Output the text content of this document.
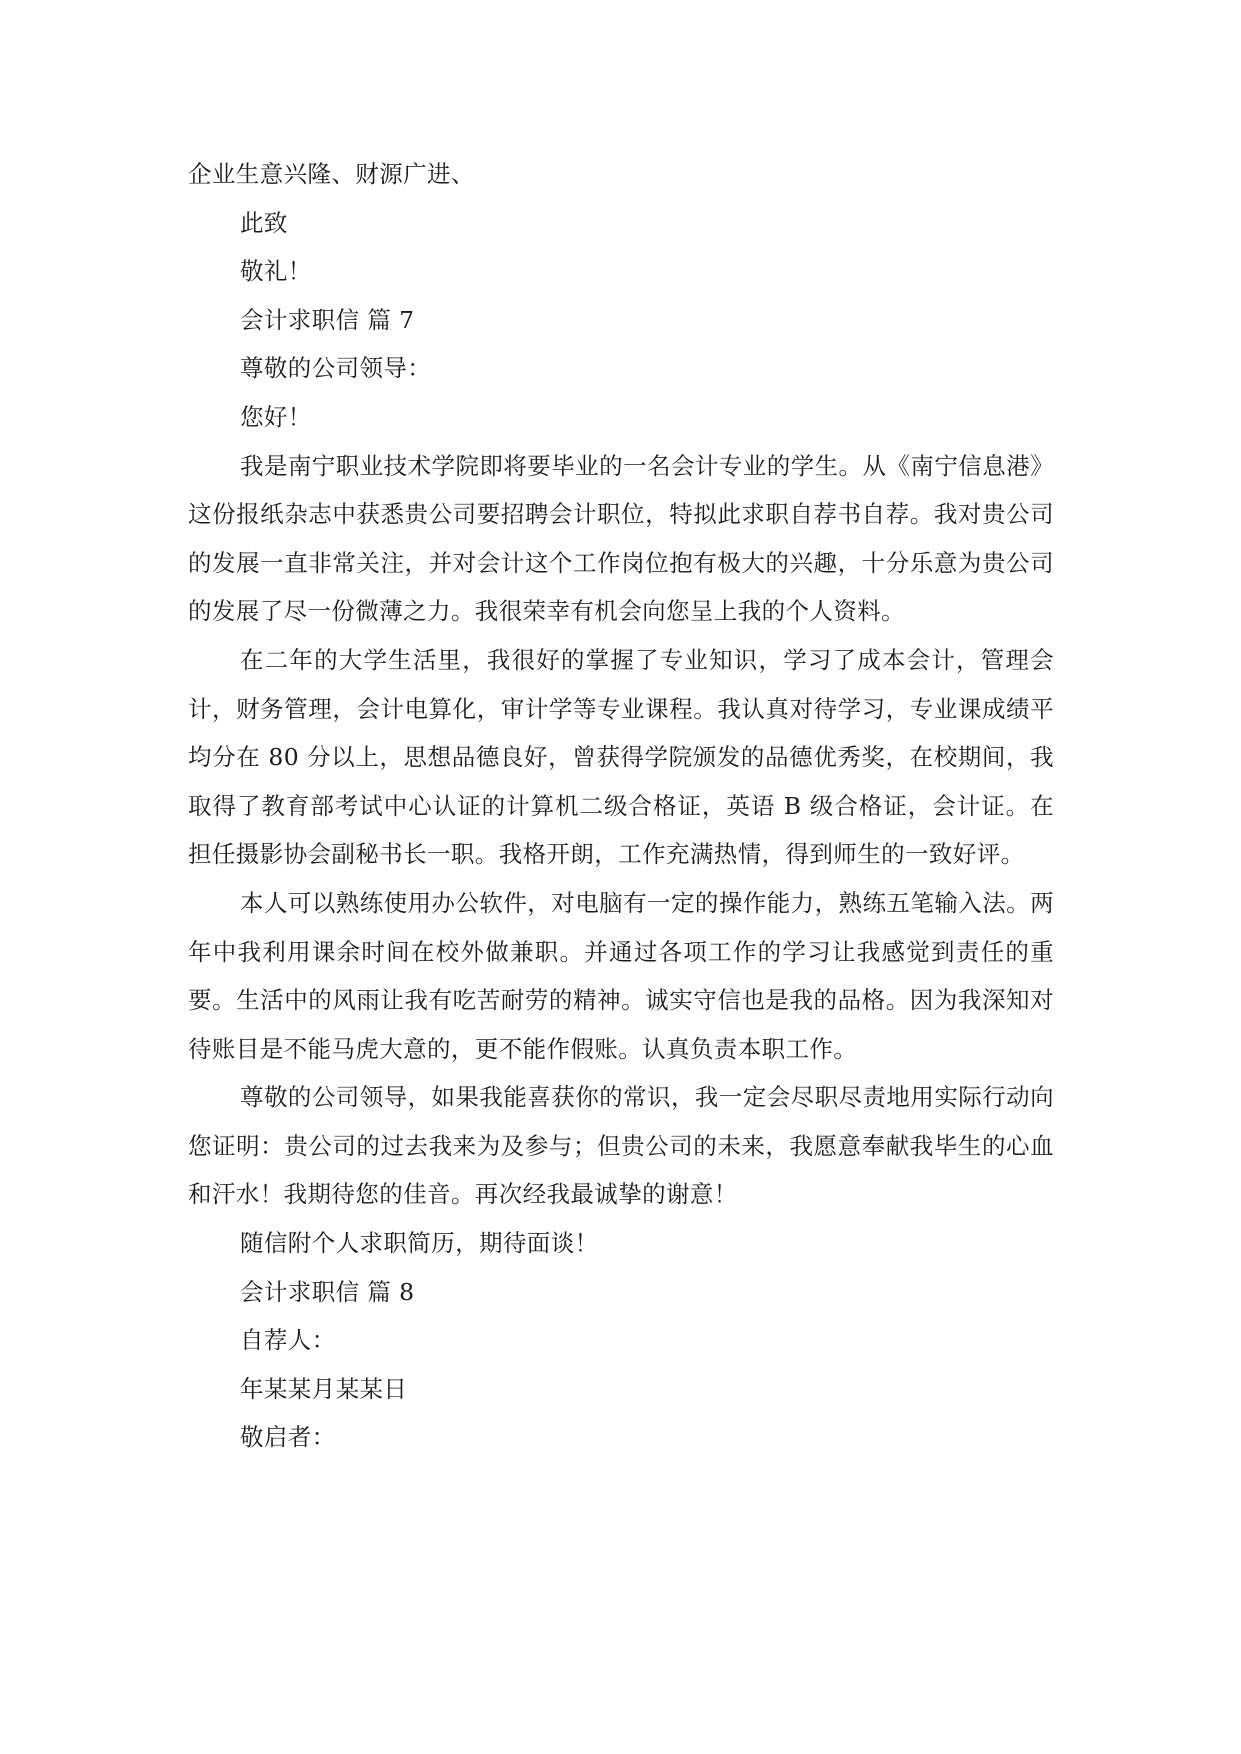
企业生意兴隆、财源广进、

此致

敬礼！

会计求职信 篇 7

尊敬的公司领导：

您好！

我是南宁职业技术学院即将要毕业的一名会计专业的学生。从《南宁信息港》这份报纸杂志中获悉贵公司要招聘会计职位，特拟此求职自荐书自荐。我对贵公司的发展一直非常关注，并对会计这个工作岗位抱有极大的兴趣，十分乐意为贵公司的发展了尽一份微薄之力。我很荣幸有机会向您呈上我的个人资料。

在二年的大学生活里，我很好的掌握了专业知识，学习了成本会计，管理会计，财务管理，会计电算化，审计学等专业课程。我认真对待学习，专业课成绩平均分在 80 分以上，思想品德良好，曾获得学院颁发的品德优秀奖，在校期间，我取得了教育部考试中心认证的计算机二级合格证，英语 B 级合格证，会计证。在担任摄影协会副秘书长一职。我格开朗，工作充满热情，得到师生的一致好评。

本人可以熟练使用办公软件，对电脑有一定的操作能力，熟练五笔输入法。两年中我利用课余时间在校外做兼职。并通过各项工作的学习让我感觉到责任的重要。生活中的风雨让我有吃苦耐劳的精神。诚实守信也是我的品格。因为我深知对待账目是不能马虎大意的，更不能作假账。认真负责本职工作。

尊敬的公司领导，如果我能喜获你的常识，我一定会尽职尽责地用实际行动向您证明：贵公司的过去我来为及参与；但贵公司的未来，我愿意奉献我毕生的心血和汗水！我期待您的佳音。再次经我最诚挚的谢意！

随信附个人求职简历，期待面谈！

会计求职信 篇 8

自荐人：

年某某月某某日

敬启者：
